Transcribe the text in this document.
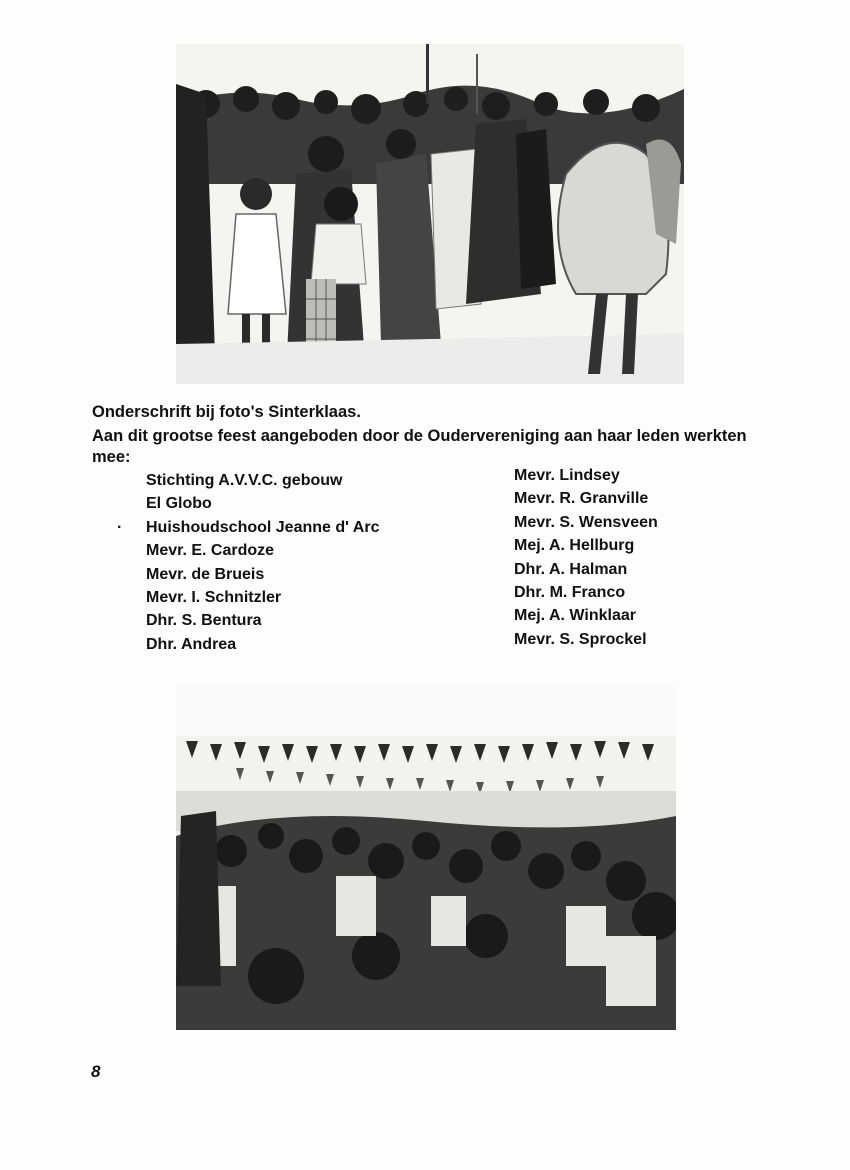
Onderschrift bij foto's Sinterklaas.
Aan dit grootse feest aangeboden door de Oudervereniging aan haar leden werkten
mee:
·
Stichting A.V.V.C. gebouw
El Globo
Huishoudschool Jeanne d' Arc
Mevr. E. Cardoze
Mevr. de Brueis
Mevr. I. Schnitzler
Dhr. S. Bentura
Dhr. Andrea
Mevr. Lindsey
Mevr. R. Granville
Mevr. S. Wensveen
Mej. A. Hellburg
Dhr. A. Halman
Dhr. M. Franco
Mej. A. Winklaar
Mevr. S. Sprockel
8
